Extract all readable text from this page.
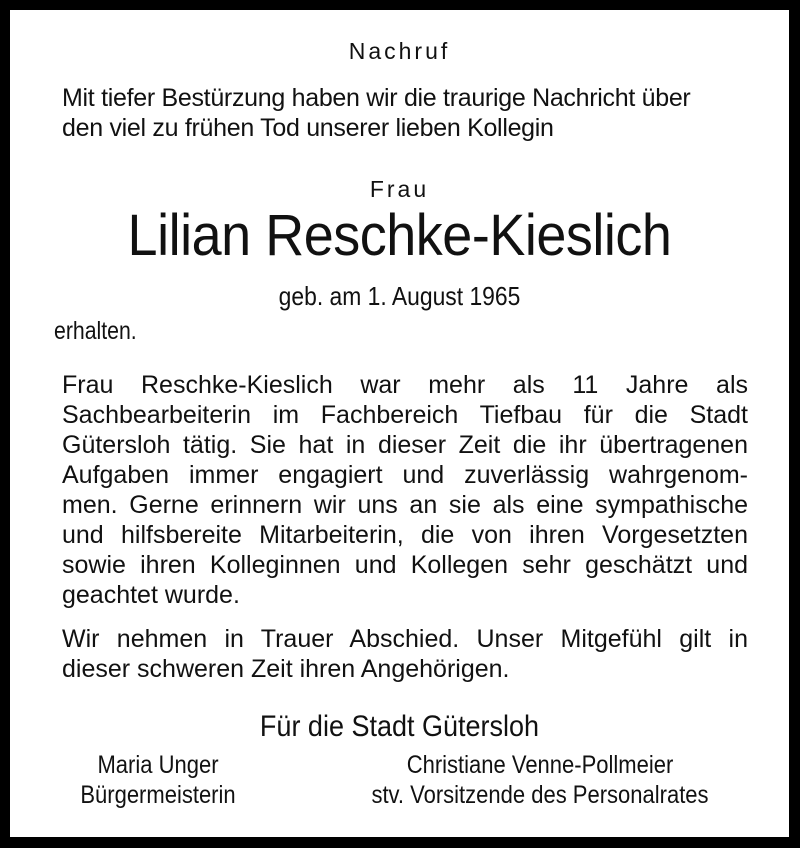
Nachruf
Mit tiefer Bestürzung haben wir die traurige Nachricht über
den viel zu frühen Tod unserer lieben Kollegin
Frau
Lilian Reschke-Kieslich
geb. am 1. August 1965
erhalten.
Frau Reschke-Kieslich war mehr als 11 Jahre als
Sachbearbeiterin im Fachbereich Tiefbau für die Stadt
Gütersloh tätig. Sie hat in dieser Zeit die ihr übertragenen
Aufgaben immer engagiert und zuverlässig wahrgenom-
men. Gerne erinnern wir uns an sie als eine sympathische
und hilfsbereite Mitarbeiterin, die von ihren Vorgesetzten
sowie ihren Kolleginnen und Kollegen sehr geschätzt und
geachtet wurde.
Wir nehmen in Trauer Abschied. Unser Mitgefühl gilt in
dieser schweren Zeit ihren Angehörigen.
Für die Stadt Gütersloh
Maria Unger
Bürgermeisterin
Christiane Venne-Pollmeier
stv. Vorsitzende des Personalrates
